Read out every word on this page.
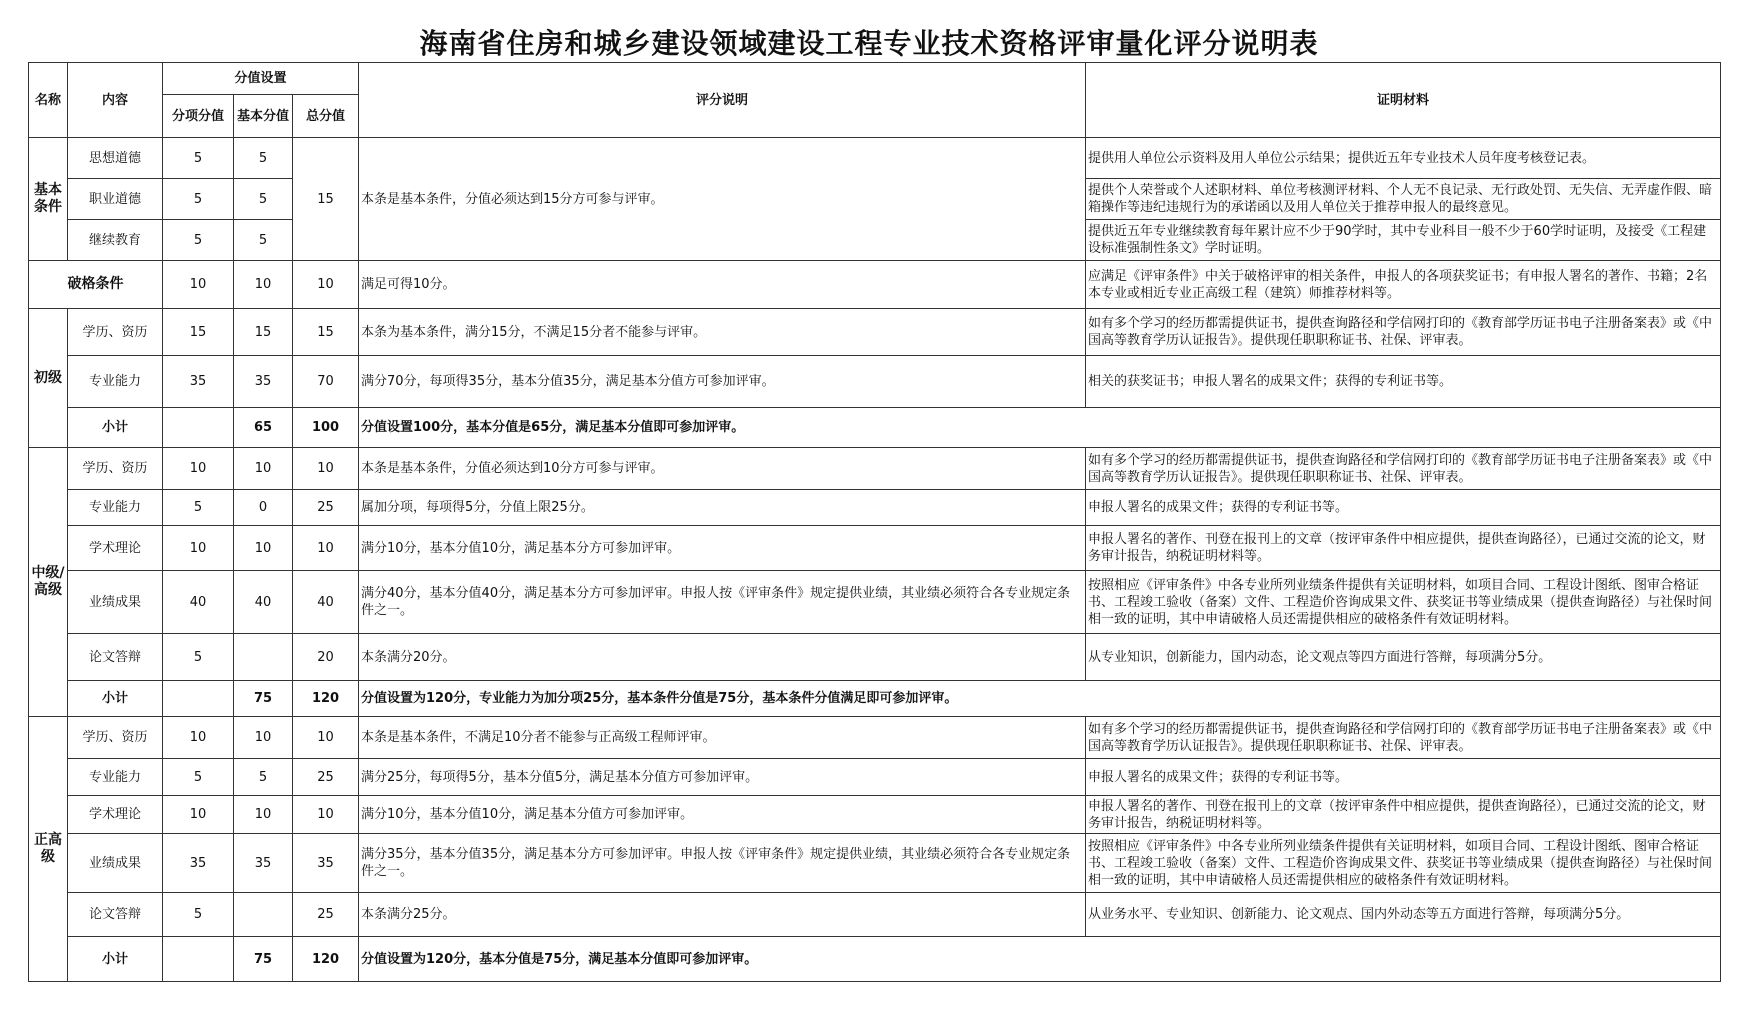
海南省住房和城乡建设领域建设工程专业技术资格评审量化评分说明表
名称	内容	分值设置			评分说明	证明材料
		分项分值	基本分值	总分值		
基本条件	思想道德	5	5	15	本条是基本条件，分值必须达到15分方可参与评审。	提供用人单位公示资料及用人单位公示结果；提供近五年专业技术人员年度考核登记表。
	职业道德	5	5			提供个人荣誉或个人述职材料、单位考核测评材料、个人无不良记录、无行政处罚、无失信、无弄虚作假、暗箱操作等违纪违规行为的承诺函以及用人单位关于推荐申报人的最终意见。
	继续教育	5	5			提供近五年专业继续教育每年累计应不少于90学时，其中专业科目一般不少于60学时证明，及接受《工程建设标准强制性条文》学时证明。
破格条件		10	10	10	满足可得10分。	应满足《评审条件》中关于破格评审的相关条件，申报人的各项获奖证书；有申报人署名的著作、书籍；2名本专业或相近专业正高级工程（建筑）师推荐材料等。
初级	学历、资历	15	15	15	本条为基本条件，满分15分，不满足15分者不能参与评审。	如有多个学习的经历都需提供证书，提供查询路径和学信网打印的《教育部学历证书电子注册备案表》或《中国高等教育学历认证报告》。提供现任职职称证书、社保、评审表。
	专业能力	35	35	70	满分70分，每项得35分，基本分值35分，满足基本分值方可参加评审。	相关的获奖证书；申报人署名的成果文件；获得的专利证书等。
	小计		65	100	分值设置100分，基本分值是65分，满足基本分值即可参加评审。	
中级/高级	学历、资历	10	10	10	本条是基本条件，分值必须达到10分方可参与评审。	如有多个学习的经历都需提供证书，提供查询路径和学信网打印的《教育部学历证书电子注册备案表》或《中国高等教育学历认证报告》。提供现任职职称证书、社保、评审表。
	专业能力	5	0	25	属加分项，每项得5分，分值上限25分。	申报人署名的成果文件；获得的专利证书等。
	学术理论	10	10	10	满分10分，基本分值10分，满足基本分方可参加评审。	申报人署名的著作、刊登在报刊上的文章（按评审条件中相应提供，提供查询路径），已通过交流的论文，财务审计报告，纳税证明材料等。
	业绩成果	40	40	40	满分40分，基本分值40分，满足基本分方可参加评审。申报人按《评审条件》规定提供业绩，其业绩必须符合各专业规定条件之一。	按照相应《评审条件》中各专业所列业绩条件提供有关证明材料，如项目合同、工程设计图纸、图审合格证书、工程竣工验收（备案）文件、工程造价咨询成果文件、获奖证书等业绩成果（提供查询路径）与社保时间相一致的证明，其中申请破格人员还需提供相应的破格条件有效证明材料。
	论文答辩	5		20	本条满分20分。	从专业知识，创新能力，国内动态，论文观点等四方面进行答辩，每项满分5分。
	小计		75	120	分值设置为120分，专业能力为加分项25分，基本条件分值是75分，基本条件分值满足即可参加评审。	
正高级	学历、资历	10	10	10	本条是基本条件，不满足10分者不能参与正高级工程师评审。	如有多个学习的经历都需提供证书，提供查询路径和学信网打印的《教育部学历证书电子注册备案表》或《中国高等教育学历认证报告》。提供现任职职称证书、社保、评审表。
	专业能力	5	5	25	满分25分，每项得5分，基本分值5分，满足基本分值方可参加评审。	申报人署名的成果文件；获得的专利证书等。
	学术理论	10	10	10	满分10分，基本分值10分，满足基本分值方可参加评审。	申报人署名的著作、刊登在报刊上的文章（按评审条件中相应提供，提供查询路径），已通过交流的论文，财务审计报告，纳税证明材料等。
	业绩成果	35	35	35	满分35分，基本分值35分，满足基本分方可参加评审。申报人按《评审条件》规定提供业绩，其业绩必须符合各专业规定条件之一。	按照相应《评审条件》中各专业所列业绩条件提供有关证明材料，如项目合同、工程设计图纸、图审合格证书、工程竣工验收（备案）文件、工程造价咨询成果文件、获奖证书等业绩成果（提供查询路径）与社保时间相一致的证明，其中申请破格人员还需提供相应的破格条件有效证明材料。
	论文答辩	5		25	本条满分25分。	从业务水平、专业知识、创新能力、论文观点、国内外动态等五方面进行答辩，每项满分5分。
	小计		75	120	分值设置为120分，基本分值是75分，满足基本分值即可参加评审。	
